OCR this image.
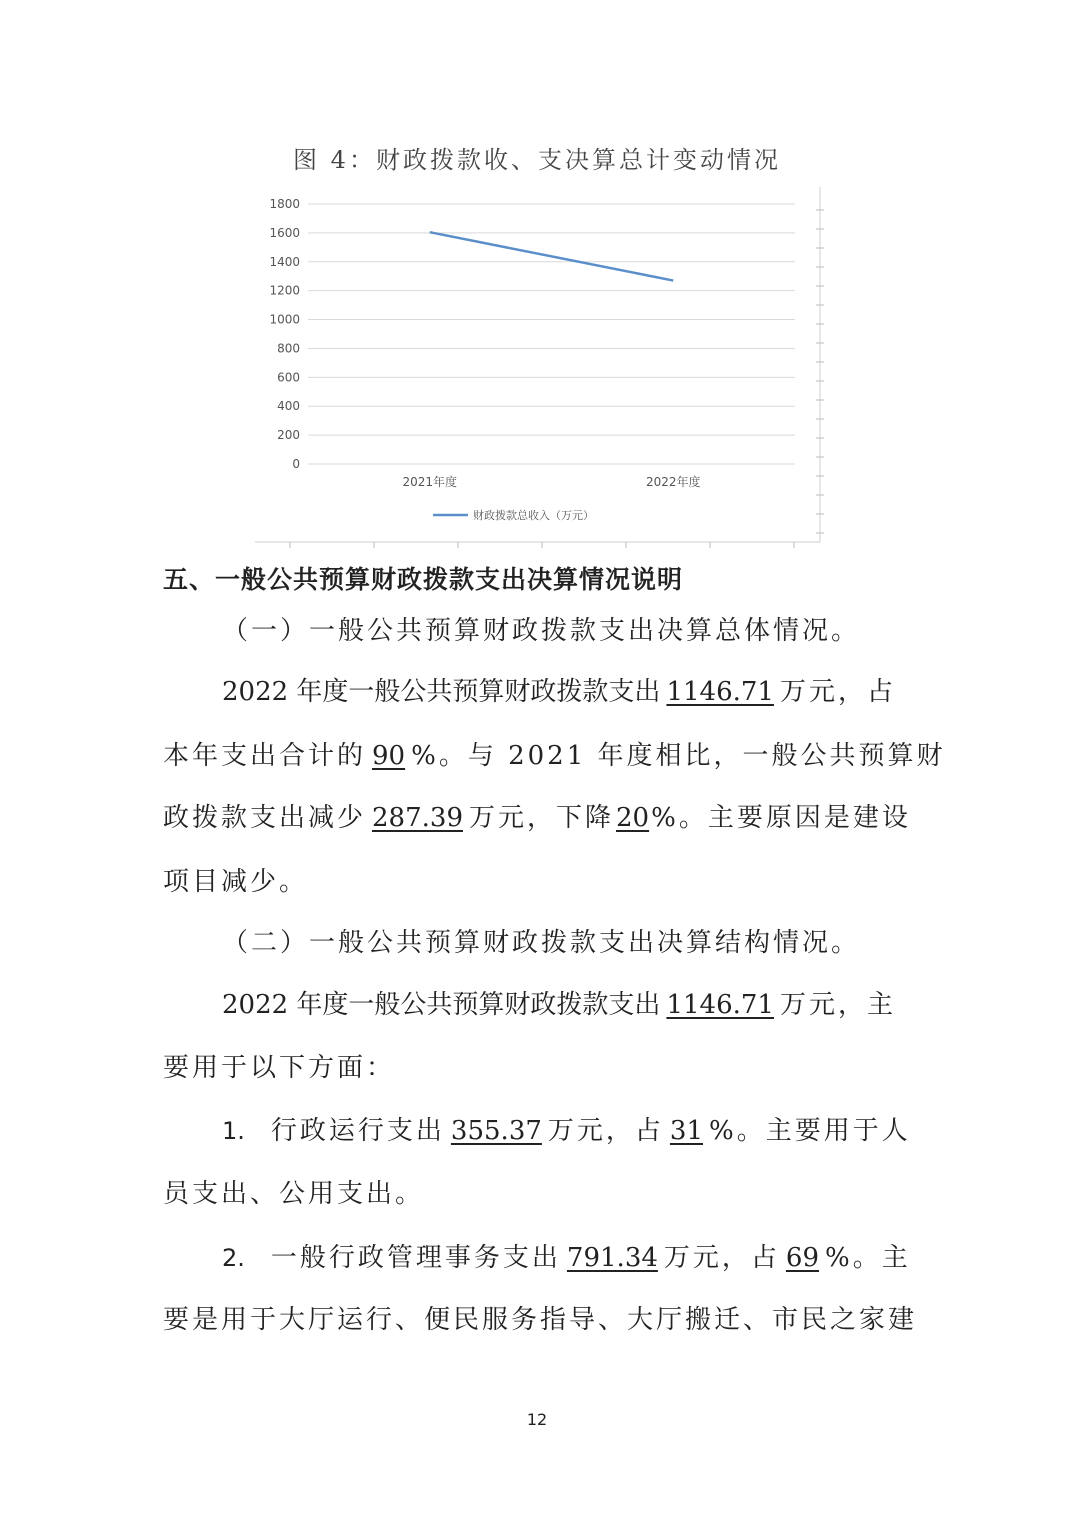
图 4：财政拨款收、支决算总计变动情况
0
200
400
600
800
1000
1200
1400
1600
1800
2021年度	2022年度
财政拨款总收入（万元）
五、一般公共预算财政拨款支出决算情况说明
（一）一般公共预算财政拨款支出决算总体情况。
2022 年度一般公共预算财政拨款支出 1146.71 万元，占
本年支出合计的 90 %。与 2021 年度相比，一般公共预算财
政拨款支出减少 287.39 万元，下降20%。主要原因是建设
项目减少。
（二）一般公共预算财政拨款支出决算结构情况。
2022 年度一般公共预算财政拨款支出 1146.71 万元，主
要用于以下方面：
1. 行政运行支出 355.37 万元，占 31 %。主要用于人
员支出、公用支出。
2. 一般行政管理事务支出 791.34 万元，占 69 %。主
要是用于大厅运行、便民服务指导、大厅搬迁、市民之家建
12
